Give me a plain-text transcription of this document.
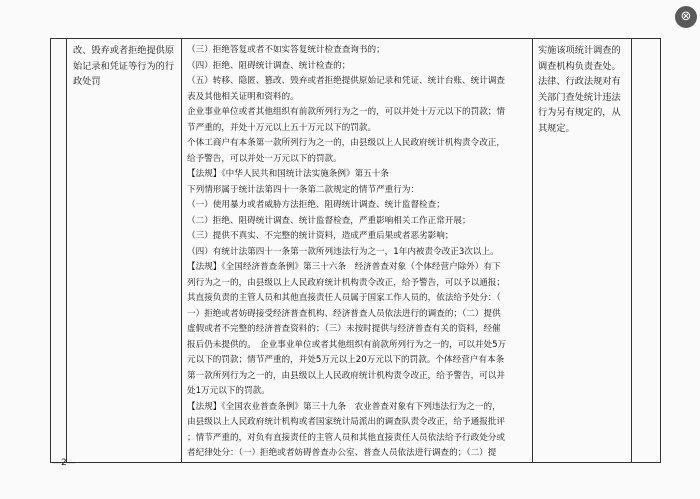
⊗

改、毁弃或者拒绝提供原始记录和凭证等行为的行政处罚

（三）拒绝答复或者不如实答复统计检查查询书的；
（四）拒绝、阻碍统计调查、统计检查的；
（五）转移、隐匿、篡改、毁弃或者拒绝提供原始记录和凭证、统计台账、统计调查
表及其他相关证明和资料的。
企业事业单位或者其他组织有前款所列行为之一的，可以并处十万元以下的罚款；情
节严重的，并处十万元以上五十万元以下的罚款。
个体工商户有本条第一款所列行为之一的，由县级以上人民政府统计机构责令改正，
给予警告，可以并处一万元以下的罚款。
【法规】《中华人民共和国统计法实施条例》第五十条
下列情形属于统计法第四十一条第二款规定的情节严重行为：
（一）使用暴力或者威胁方法拒绝、阻碍统计调查、统计监督检查；
（二）拒绝、阻碍统计调查、统计监督检查，严重影响相关工作正常开展；
（三）提供不真实、不完整的统计资料，造成严重后果或者恶劣影响；
（四）有统计法第四十一条第一款所列违法行为之一，1年内被责令改正3次以上。
【法规】《全国经济普查条例》第三十六条　经济普查对象（个体经营户除外）有下
列行为之一的，由县级以上人民政府统计机构责令改正，给予警告，可以予以通报；
其直接负责的主管人员和其他直接责任人员属于国家工作人员的，依法给予处分：（
一）拒绝或者妨碍接受经济普查机构、经济普查人员依法进行的调查的；（二）提供
虚假或者不完整的经济普查资料的；（三）未按时提供与经济普查有关的资料，经催
报后仍未提供的。　企业事业单位或者其他组织有前款所列行为之一的，可以并处5万
元以下的罚款；情节严重的，并处5万元以上20万元以下的罚款。个体经营户有本条
第一款所列行为之一的，由县级以上人民政府统计机构责令改正，给予警告，可以并
处1万元以下的罚款。
【法规】《全国农业普查条例》第三十九条　农业普查对象有下列违法行为之一的，
由县级以上人民政府统计机构或者国家统计局派出的调查队责令改正，给予通报批评
；情节严重的，对负有直接责任的主管人员和其他直接责任人员依法给予行政处分或
者纪律处分：（一）拒绝或者妨碍普查办公室、普查人员依法进行调查的；（二）提

实施该项统计调查的调查机构负责查处。法律、行政法规对有关部门查处统计违法行为另有规定的，从其规定。

—2—
